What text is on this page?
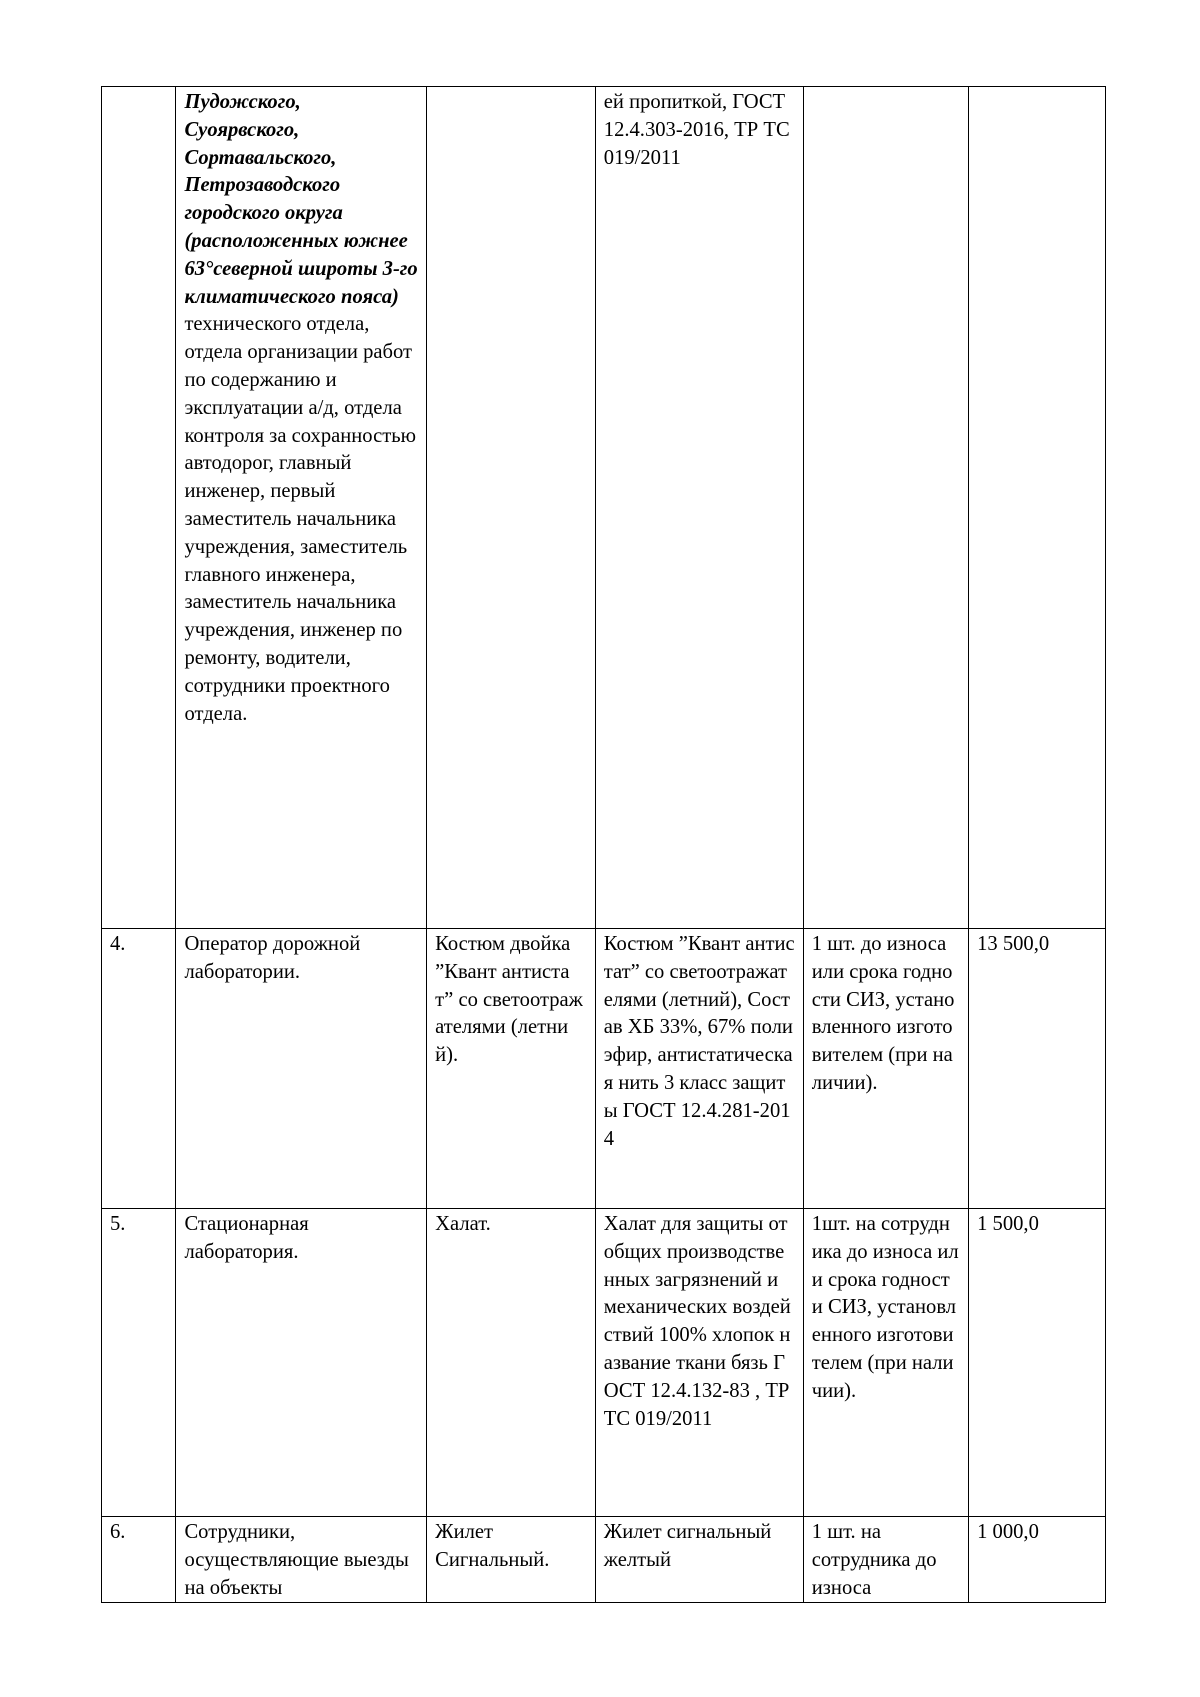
	Пудожского, Суоярвского, Сортавальского, Петрозаводского городского округа (расположенных южнее 63°северной широты 3-го климатического пояса) технического отдела, отдела организации работ по содержанию и эксплуатации а/д, отдела контроля за сохранностью автодорог, главный инженер, первый заместитель начальника учреждения, заместитель главного инженера, заместитель начальника учреждения, инженер по ремонту, водители, сотрудники проектного отдела.		ей пропиткой, ГОСТ 12.4.303-2016, ТР ТС 019/2011		
4.	Оператор дорожной лаборатории.	Костюм двойка ”Квант антистат” со светоотражателями (летний).	Костюм ”Квант антистат” со светоотражателями (летний), Состав ХБ 33%, 67% полиэфир, антистатическая нить 3 класс защиты ГОСТ 12.4.281-2014	1 шт. до износа или срока годности СИЗ, установленного изготовителем (при наличии).	13 500,0
5.	Стационарная лаборатория.	Халат.	Халат для защиты от общих производственных загрязнений и механических воздействий 100% хлопок название ткани бязь ГОСТ 12.4.132-83 , ТР ТС 019/2011	1шт. на сотрудника до износа или срока годности СИЗ, установленного изготовителем (при наличии).	1 500,0
6.	Сотрудники, осуществляющие выезды на объекты	Жилет Сигнальный.	Жилет сигнальный желтый	1 шт. на сотрудника до износа	1 000,0
